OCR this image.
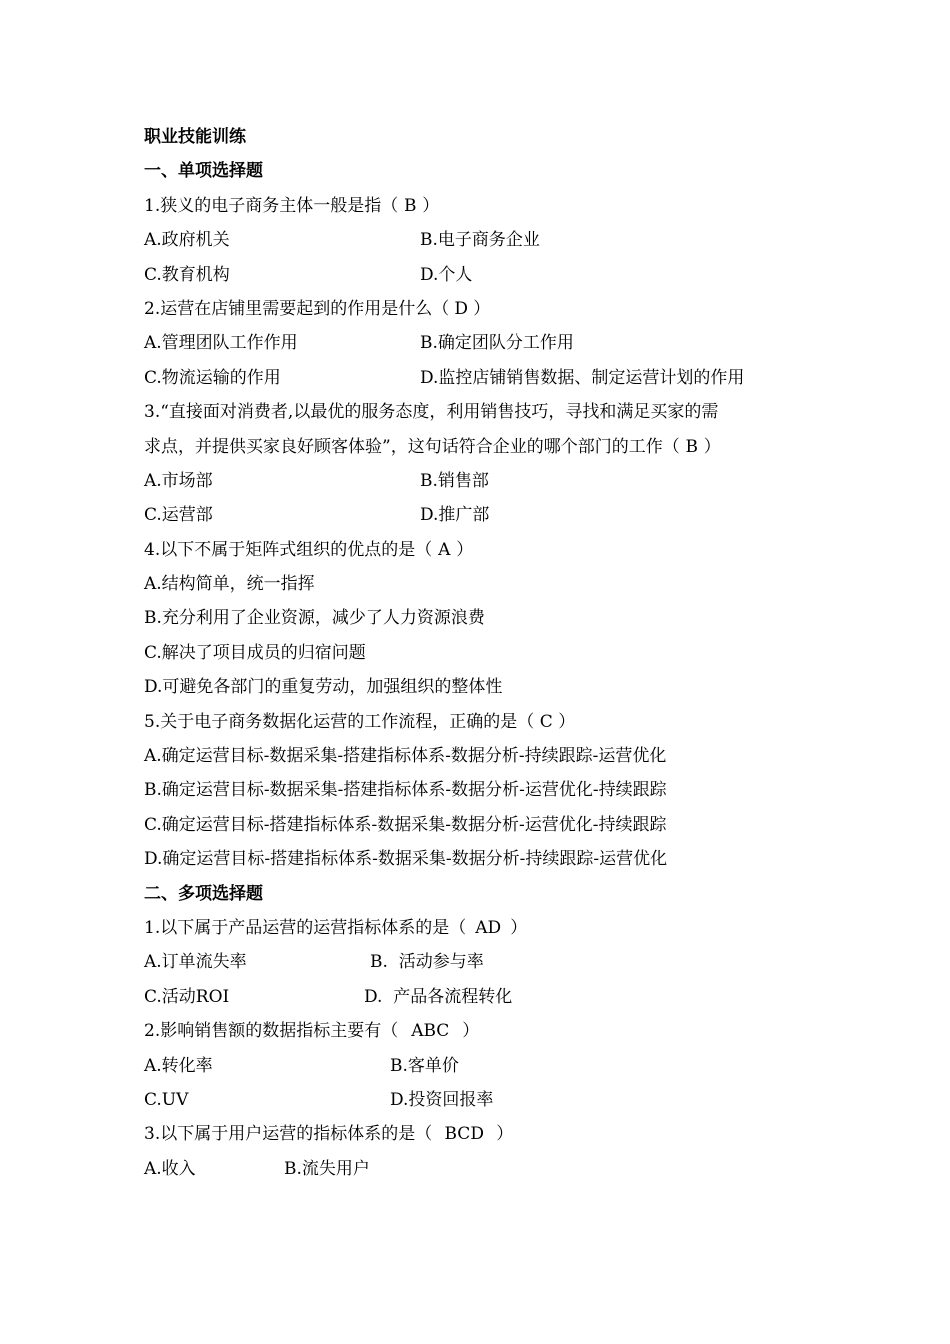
职业技能训练
一、单项选择题
1.狭义的电子商务主体一般是指（ B ）
A.政府机关	B.电子商务企业
C.教育机构	D.个人
2.运营在店铺里需要起到的作用是什么（ D ）
A.管理团队工作作用	B.确定团队分工作用
C.物流运输的作用	D.监控店铺销售数据、制定运营计划的作用
3.“直接面对消费者,以最优的服务态度，利用销售技巧，寻找和满足买家的需
求点，并提供买家良好顾客体验”，这句话符合企业的哪个部门的工作（ B ）
A.市场部	B.销售部
C.运营部	D.推广部
4.以下不属于矩阵式组织的优点的是（ A ）
A.结构简单，统一指挥
B.充分利用了企业资源，减少了人力资源浪费
C.解决了项目成员的归宿问题
D.可避免各部门的重复劳动，加强组织的整体性
5.关于电子商务数据化运营的工作流程，正确的是（ C ）
A.确定运营目标-数据采集-搭建指标体系-数据分析-持续跟踪-运营优化
B.确定运营目标-数据采集-搭建指标体系-数据分析-运营优化-持续跟踪
C.确定运营目标-搭建指标体系-数据采集-数据分析-运营优化-持续跟踪
D.确定运营目标-搭建指标体系-数据采集-数据分析-持续跟踪-运营优化
二、多项选择题
1.以下属于产品运营的运营指标体系的是（ AD ）
A.订单流失率	B.  活动参与率
C.活动ROI	D.  产品各流程转化
2.影响销售额的数据指标主要有（ ABC ）
A.转化率	B.客单价
C.UV	D.投资回报率
3.以下属于用户运营的指标体系的是（ BCD ）
A.收入	B.流失用户
